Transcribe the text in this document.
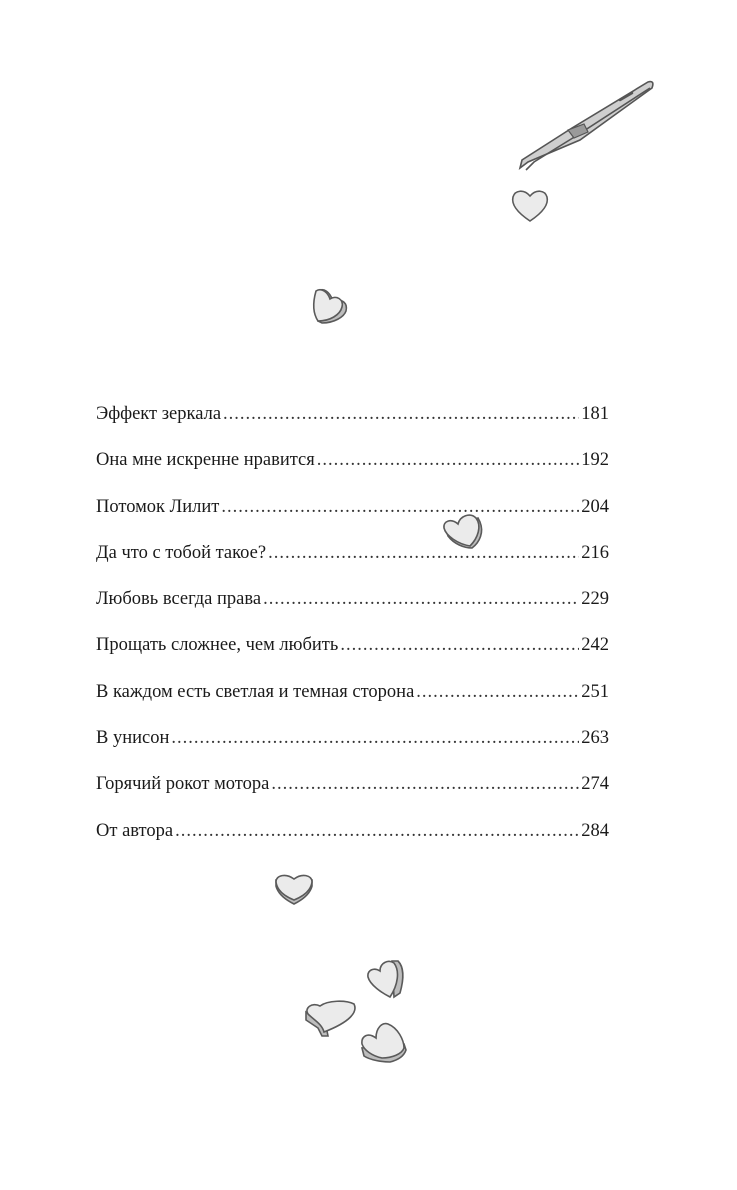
Эффект зеркала .....	181
Она мне искренне нравится .....	192
Потомок Лилит .....	204
Да что с тобой такое? .....	216
Любовь всегда права .....	229
Прощать сложнее, чем любить .....	242
В каждом есть светлая и темная сторона .....	251
В унисон .....	263
Горячий рокот мотора .....	274
От автора .....	284
